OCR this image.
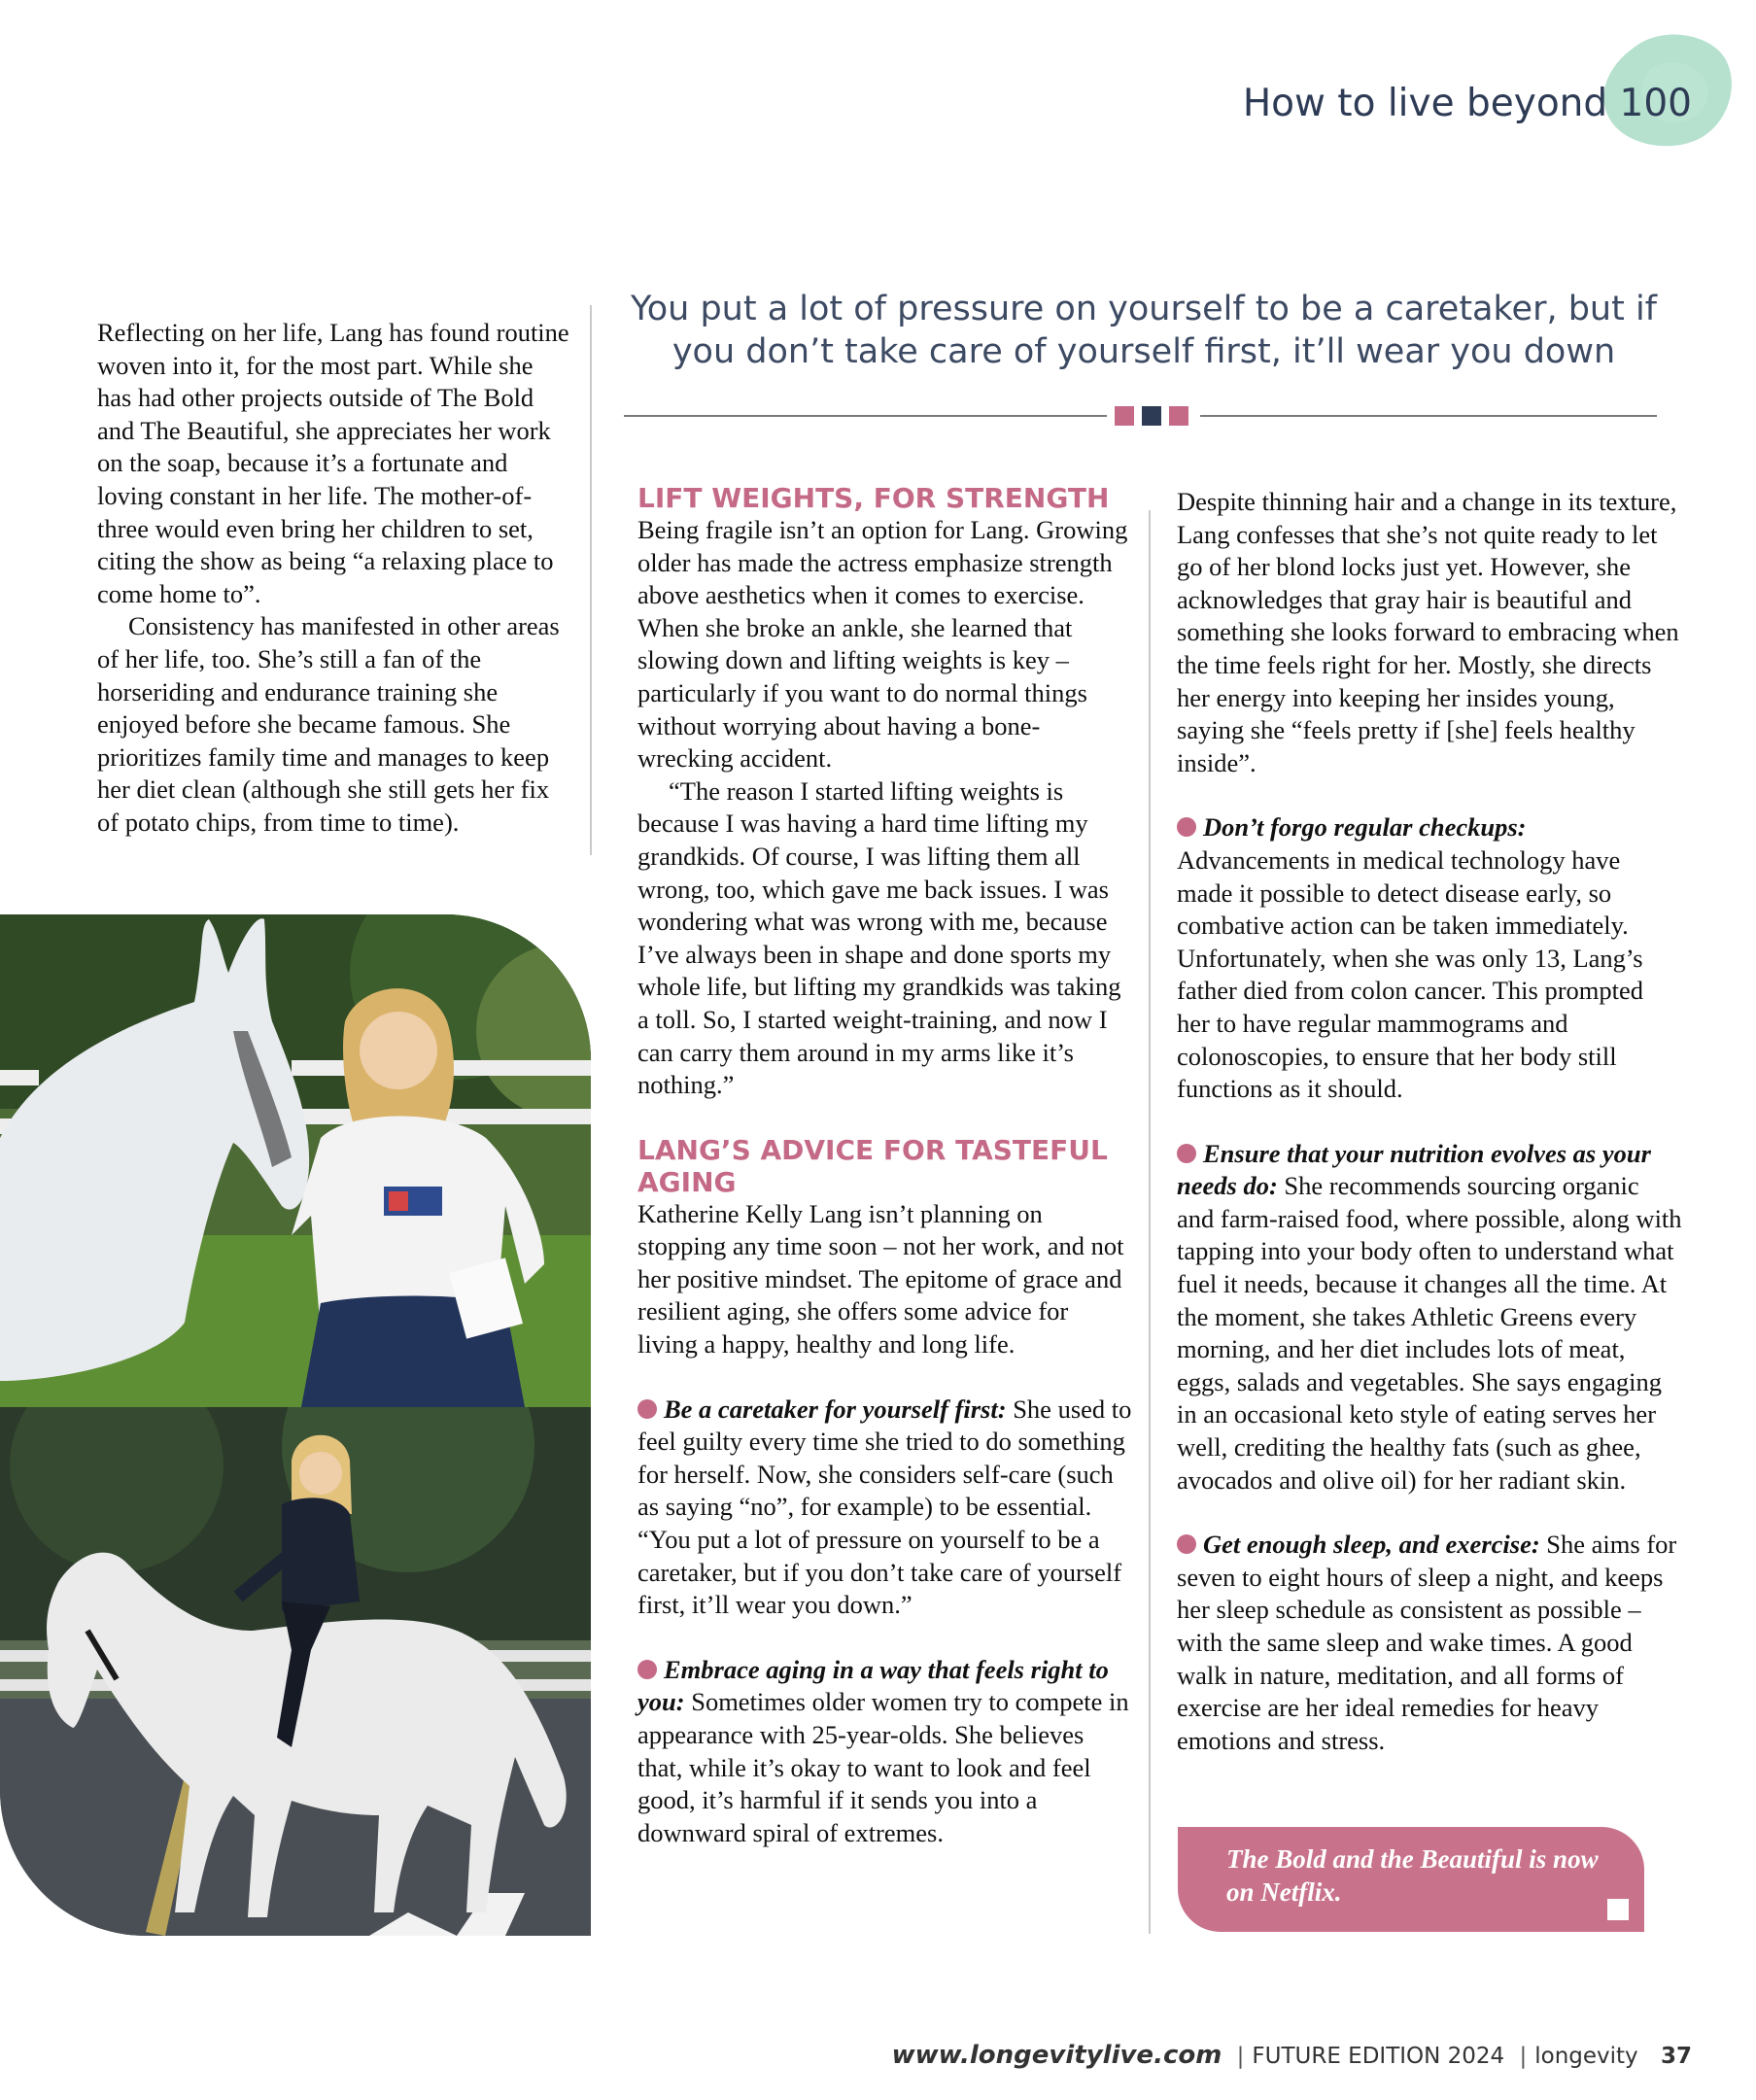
How to live beyond 100

Reflecting on her life, Lang has found routine woven into it, for the most part. While she has had other projects outside of The Bold and The Beautiful, she appreciates her work on the soap, because it’s a fortunate and loving constant in her life. The mother-of-three would even bring her children to set, citing the show as being “a relaxing place to come home to”.

Consistency has manifested in other areas of her life, too. She’s still a fan of the horseriding and endurance training she enjoyed before she became famous. She prioritizes family time and manages to keep her diet clean (although she still gets her fix of potato chips, from time to time).

You put a lot of pressure on yourself to be a caretaker, but if you don’t take care of yourself first, it’ll wear you down

LIFT WEIGHTS, FOR STRENGTH

Being fragile isn’t an option for Lang. Growing older has made the actress emphasize strength above aesthetics when it comes to exercise. When she broke an ankle, she learned that slowing down and lifting weights is key – particularly if you want to do normal things without worrying about having a bone-wrecking accident.

“The reason I started lifting weights is because I was having a hard time lifting my grandkids. Of course, I was lifting them all wrong, too, which gave me back issues. I was wondering what was wrong with me, because I’ve always been in shape and done sports my whole life, but lifting my grandkids was taking a toll. So, I started weight-training, and now I can carry them around in my arms like it’s nothing.”

LANG’S ADVICE FOR TASTEFUL AGING

Katherine Kelly Lang isn’t planning on stopping any time soon – not her work, and not her positive mindset. The epitome of grace and resilient aging, she offers some advice for living a happy, healthy and long life.

Be a caretaker for yourself first: She used to feel guilty every time she tried to do something for herself. Now, she considers self-care (such as saying “no”, for example) to be essential. “You put a lot of pressure on yourself to be a caretaker, but if you don’t take care of yourself first, it’ll wear you down.”

Embrace aging in a way that feels right to you: Sometimes older women try to compete in appearance with 25-year-olds. She believes that, while it’s okay to want to look and feel good, it’s harmful if it sends you into a downward spiral of extremes.

Despite thinning hair and a change in its texture, Lang confesses that she’s not quite ready to let go of her blond locks just yet. However, she acknowledges that gray hair is beautiful and something she looks forward to embracing when the time feels right for her. Mostly, she directs her energy into keeping her insides young, saying she “feels pretty if [she] feels healthy inside”.

Don’t forgo regular checkups: Advancements in medical technology have made it possible to detect disease early, so combative action can be taken immediately. Unfortunately, when she was only 13, Lang’s father died from colon cancer. This prompted her to have regular mammograms and colonoscopies, to ensure that her body still functions as it should.

Ensure that your nutrition evolves as your needs do: She recommends sourcing organic and farm-raised food, where possible, along with tapping into your body often to understand what fuel it needs, because it changes all the time. At the moment, she takes Athletic Greens every morning, and her diet includes lots of meat, eggs, salads and vegetables. She says engaging in an occasional keto style of eating serves her well, crediting the healthy fats (such as ghee, avocados and olive oil) for her radiant skin.

Get enough sleep, and exercise: She aims for seven to eight hours of sleep a night, and keeps her sleep schedule as consistent as possible – with the same sleep and wake times. A good walk in nature, meditation, and all forms of exercise are her ideal remedies for heavy emotions and stress.

The Bold and the Beautiful is now on Netflix.
www.longevitylive.com | FUTURE EDITION 2024 | longevity 37
